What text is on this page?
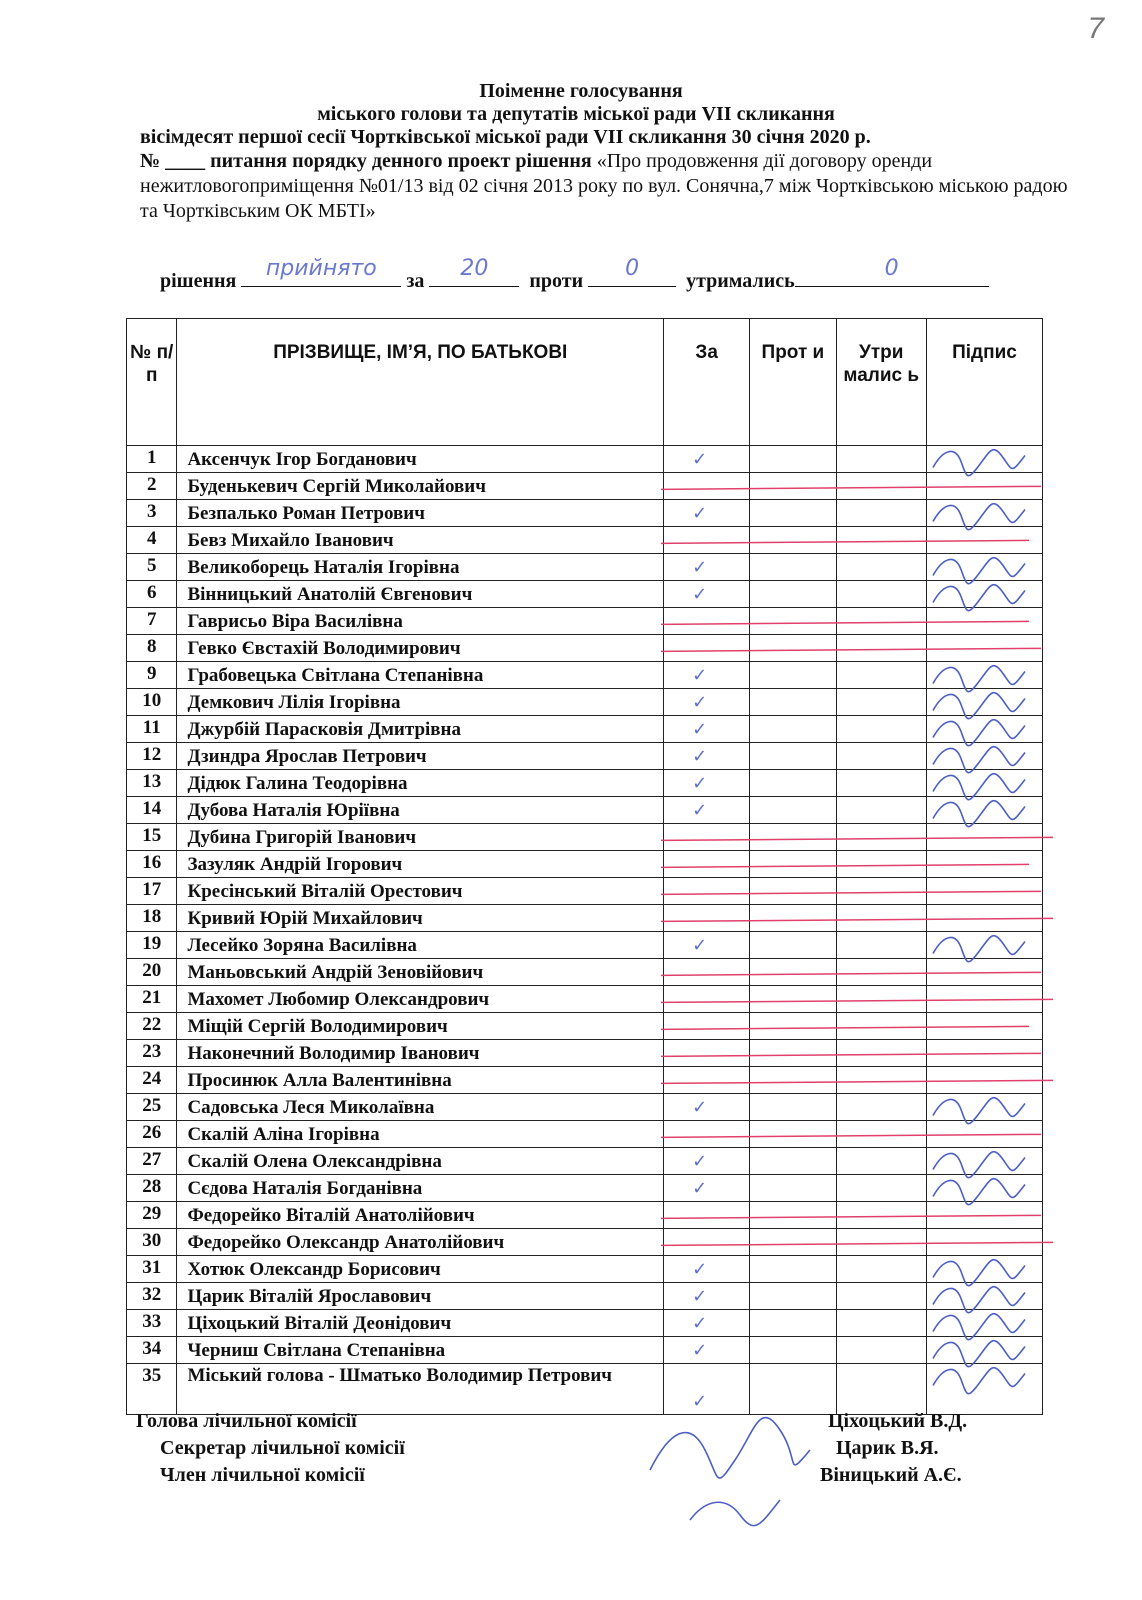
7
Поіменне голосування
міського голови та депутатів міської ради VІІ скликання
вісімдесят першої сесії Чортківської міської ради VІІ скликання 30 січня 2020 р.
№ ____ питання порядку денного проект рішення «Про продовження дії договору оренди нежитловогоприміщення №01/13 від 02 січня 2013 року по вул. Сонячна,7 між Чортківською міською радою та Чортківським ОК МБТІ»
рішення	прийнято	за	20	проти	0	утримались	0
№ п/п	ПРІЗВИЩЕ, ІМ’Я, ПО БАТЬКОВІ	За	Прот и	Утри малис ь	Підпис
1	Аксенчук Ігор Богданович	✓			
2	Буденькевич Сергій Миколайович				
3	Безпалько Роман Петрович	✓			
4	Бевз Михайло Іванович				
5	Великоборець Наталія Ігорівна	✓			
6	Вінницький Анатолій Євгенович	✓			
7	Гаврисьо Віра Василівна				
8	Гевко Євстахій Володимирович				
9	Грабовецька Світлана Степанівна	✓			
10	Демкович Лілія Ігорівна	✓			
11	Джурбій Парасковія Дмитрівна	✓			
12	Дзиндра Ярослав Петрович	✓			
13	Дідюк Галина Теодорівна	✓			
14	Дубова Наталія Юріївна	✓			
15	Дубина Григорій Іванович				
16	Зазуляк Андрій Ігорович				
17	Кресінський Віталій Орестович				
18	Кривий Юрій Михайлович				
19	Лесейко Зоряна Василівна	✓			
20	Маньовський Андрій Зеновійович				
21	Махомет Любомир Олександрович				
22	Міщій Сергій Володимирович				
23	Наконечний Володимир Іванович				
24	Просинюк Алла Валентинівна				
25	Садовська Леся Миколаївна	✓			
26	Скалій Аліна Ігорівна				
27	Скалій Олена Олександрівна	✓			
28	Сєдова Наталія Богданівна	✓			
29	Федорейко Віталій Анатолійович				
30	Федорейко Олександр Анатолійович				
31	Хотюк Олександр Борисович	✓			
32	Царик Віталій Ярославович	✓			
33	Ціхоцький Віталій Деонідович	✓			
34	Черниш Світлана Степанівна	✓			
35	Міський голова - Шматько Володимир Петрович	✓			
Голова лічильної комісії
Секретар лічильної комісії
Член лічильної комісії
Ціхоцький В.Д.
Царик В.Я.
Віницький А.Є.
